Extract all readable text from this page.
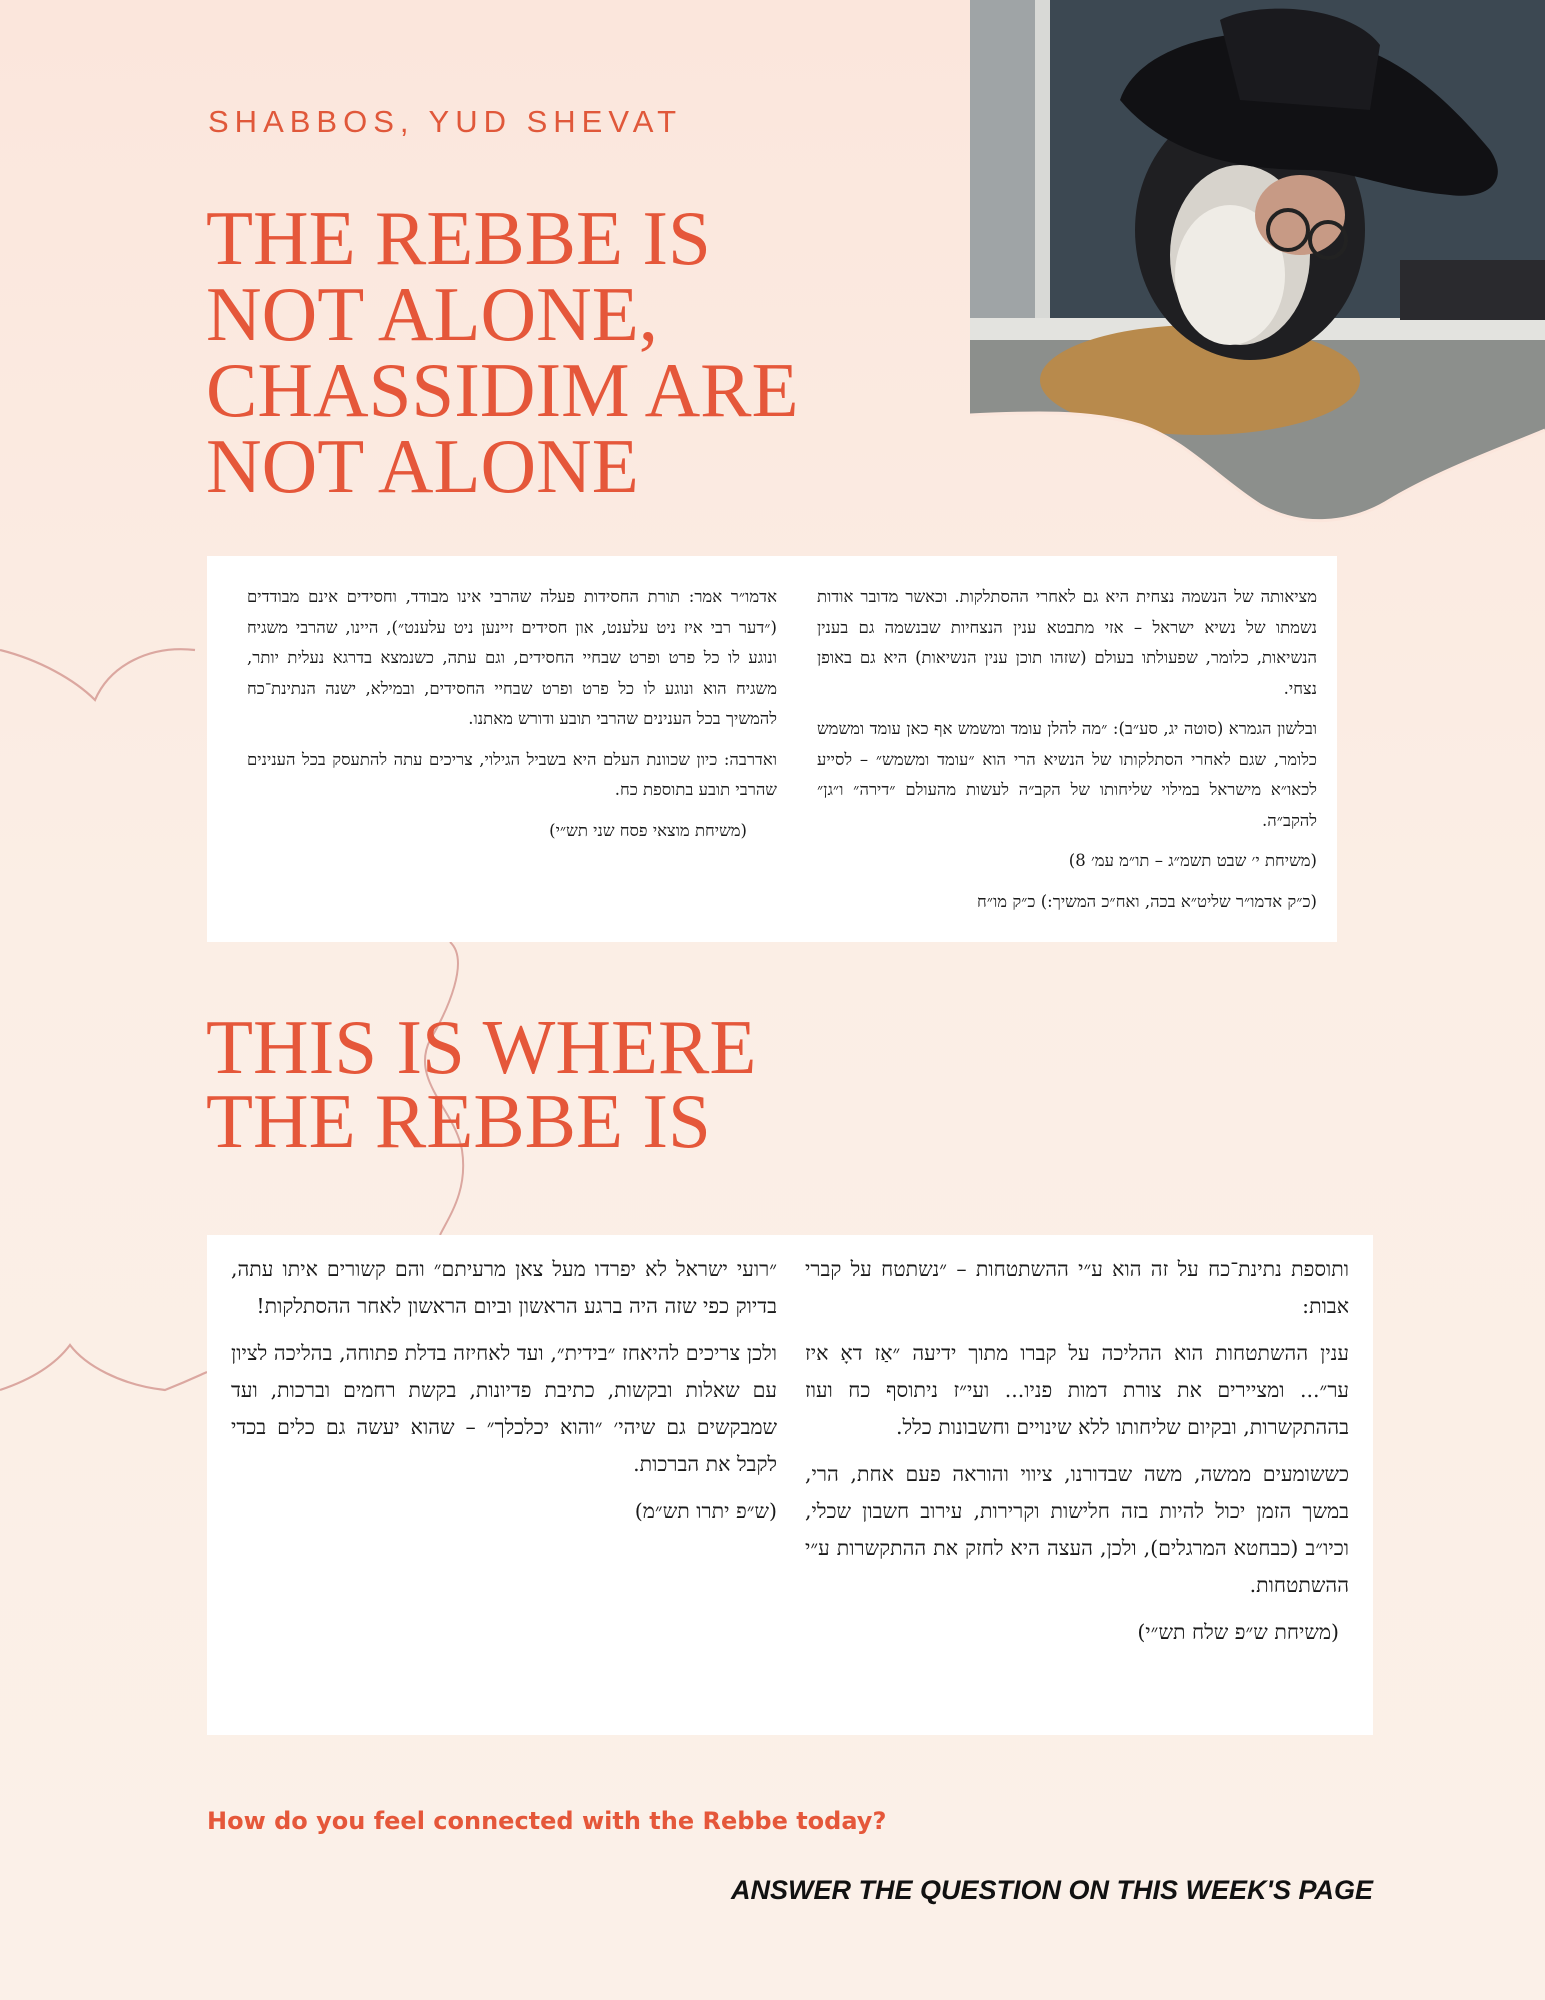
SHABBOS, YUD SHEVAT
THE REBBE IS NOT ALONE, CHASSIDIM ARE NOT ALONE

מציאותה של הנשמה נצחית היא גם לאחרי ההסתלקות. וכאשר מדובר אודות נשמתו של נשיא ישראל – אזי מתבטא ענין הנצחיות שבנשמה גם בענין הנשיאות, כלומר, שפעולתו בעולם (שזהו תוכן ענין הנשיאות) היא גם באופן נצחי.

ובלשון הגמרא (סוטה יג, סע״ב): ״מה להלן עומד ומשמש אף כאן עומד ומשמש כלומר, שגם לאחרי הסתלקותו של הנשיא הרי הוא ״עומד ומשמש״ – לסייע לכאו״א מישראל במילוי שליחותו של הקב״ה לעשות מהעולם ״דירה״ ו״גן״ להקב״ה.

(משיחת י׳ שבט תשמ״ג – תו״מ עמ׳ 8)

(כ״ק אדמו״ר שליט״א בכה, ואח״כ המשיך:) כ״ק מו״ח

אדמו״ר אמר: תורת החסידות פעלה שהרבי אינו מבודד, וחסידים אינם מבודדים (״דער רבי איז ניט עלענט, און חסידים זיינען ניט עלענט״), היינו, שהרבי משגיח ונוגע לו כל פרט ופרט שבחיי החסידים, וגם עתה, כשנמצא בדרגא נעלית יותר, משגיח הוא ונוגע לו כל פרט ופרט שבחיי החסידים, ובמילא, ישנה הנתינת־כח להמשיך בכל הענינים שהרבי תובע ודורש מאתנו.

ואדרבה: כיון שכוונת העלם היא בשביל הגילוי, צריכים עתה להתעסק בכל הענינים שהרבי תובע בתוספת כח.

(משיחת מוצאי פסח שני תש״י)

THIS IS WHERE THE REBBE IS

ותוספת נתינת־כח על זה הוא ע״י ההשתטחות – ״נשתטח על קברי אבות:

ענין ההשתטחות הוא ההליכה על קברו מתוך ידיעה ״אַז דאָ איז ער״... ומציירים את צורת דמות פניו... ועי״ז ניתוסף כח ועוז בההתקשרות, ובקיום שליחותו ללא שינויים וחשבונות כלל.

כששומעים ממשה, משה שבדורנו, ציווי והוראה פעם אחת, הרי, במשך הזמן יכול להיות בזה חלישות וקרירות, עירוב חשבון שכלי, וכיו״ב (כבחטא המרגלים), ולכן, העצה היא לחזק את ההתקשרות ע״י ההשתטחות.

(משיחת ש״פ שלח תש״י)

״רועי ישראל לא יפרדו מעל צאן מרעיתם״ והם קשורים איתו עתה, בדיוק כפי שזה היה ברגע הראשון וביום הראשון לאחר ההסתלקות!

ולכן צריכים להיאחז ״בידית״, ועד לאחיזה בדלת פתוחה, בהליכה לציון עם שאלות ובקשות, כתיבת פדיונות, בקשת רחמים וברכות, ועד שמבקשים גם שיהי׳ ״והוא יכלכלך״ – שהוא יעשה גם כלים בכדי לקבל את הברכות.

(ש״פ יתרו תש״מ)

How do you feel connected with the Rebbe today?
ANSWER THE QUESTION ON THIS WEEK'S PAGE
